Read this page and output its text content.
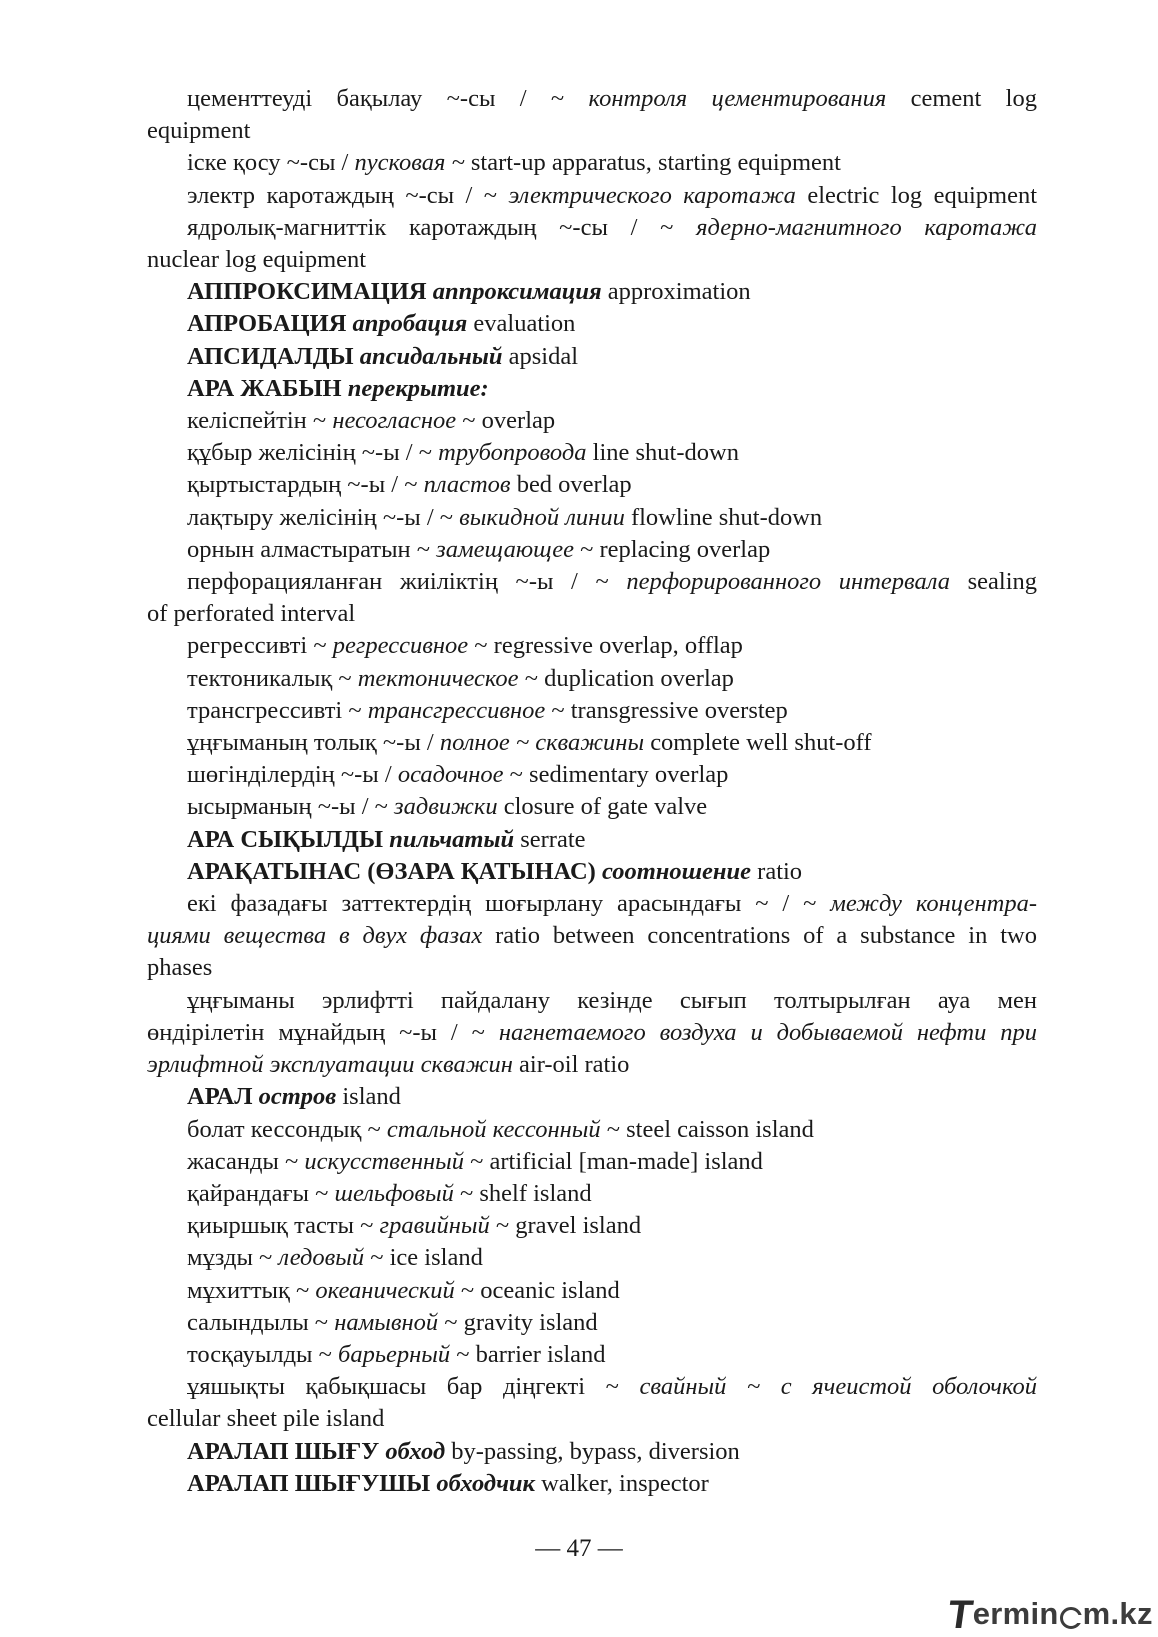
цементтеуді бақылау ~-сы / ~ контроля цементирования cement log
equipment
іске қосу ~-сы / пусковая ~ start-up apparatus, starting equipment
электр каротаждың ~-сы / ~ электрического каротажа electric log equipment
ядролық-магниттік каротаждың ~-сы / ~ ядерно-магнитного каротажа
nuclear log equipment
АППРОКСИМАЦИЯ аппроксимация approximation
АПРОБАЦИЯ апробация evaluation
АПСИДАЛДЫ апсидальный apsidal
АРА ЖАБЫН перекрытие:
келіспейтін ~ несогласное ~ overlap
құбыр желісінің ~-ы / ~ трубопровода line shut-down
қыртыстардың ~-ы / ~ пластов bed overlap
лақтыру желісінің ~-ы / ~ выкидной линии flowline shut-down
орнын алмастыратын ~ замещающее ~ replacing overlap
перфорацияланған жиіліктің ~-ы / ~ перфорированного интервала sealing
of perforated interval
регрессивті ~ регрессивное ~ regressive overlap, offlap
тектоникалық ~ тектоническое ~ duplication overlap
трансгрессивті ~ трансгрессивное ~ transgressive overstep
ұңғыманың толық ~-ы / полное ~ скважины complete well shut-off
шөгінділердің ~-ы / осадочное ~ sedimentary overlap
ысырманың ~-ы / ~ задвижки closure of gate valve
АРА СЫҚЫЛДЫ пильчатый serrate
АРАҚАТЫНАС (ӨЗАРА ҚАТЫНАС) соотношение ratio
екі фазадағы заттектердің шоғырлану арасындағы ~ / ~ между концентра-
циями вещества в двух фазах ratio between concentrations of a substance in two
phases
ұңғыманы эрлифтті пайдалану кезінде сығып толтырылған ауа мен
өндірілетін мұнайдың ~-ы / ~ нагнетаемого воздуха и добываемой нефти при
эрлифтной эксплуатации скважин air-oil ratio
АРАЛ остров island
болат кессондық ~ стальной кессонный ~ steel caisson island
жасанды ~ искусственный ~ artificial [man-made] island
қайрандағы ~ шельфовый ~ shelf island
қиыршық тасты ~ гравийный ~ gravel island
мұзды ~ ледовый ~ ice island
мұхиттық ~ океанический ~ oceanic island
салындылы ~ намывной ~ gravity island
тосқауылды ~ барьерный ~ barrier island
ұяшықты қабықшасы бар діңгекті ~ свайный ~ с ячеистой оболочкой
cellular sheet pile island
АРАЛАП ШЫҒУ обход by-passing, bypass, diversion
АРАЛАП ШЫҒУШЫ обходчик walker, inspector
— 47 —
T
ermin m.kz
